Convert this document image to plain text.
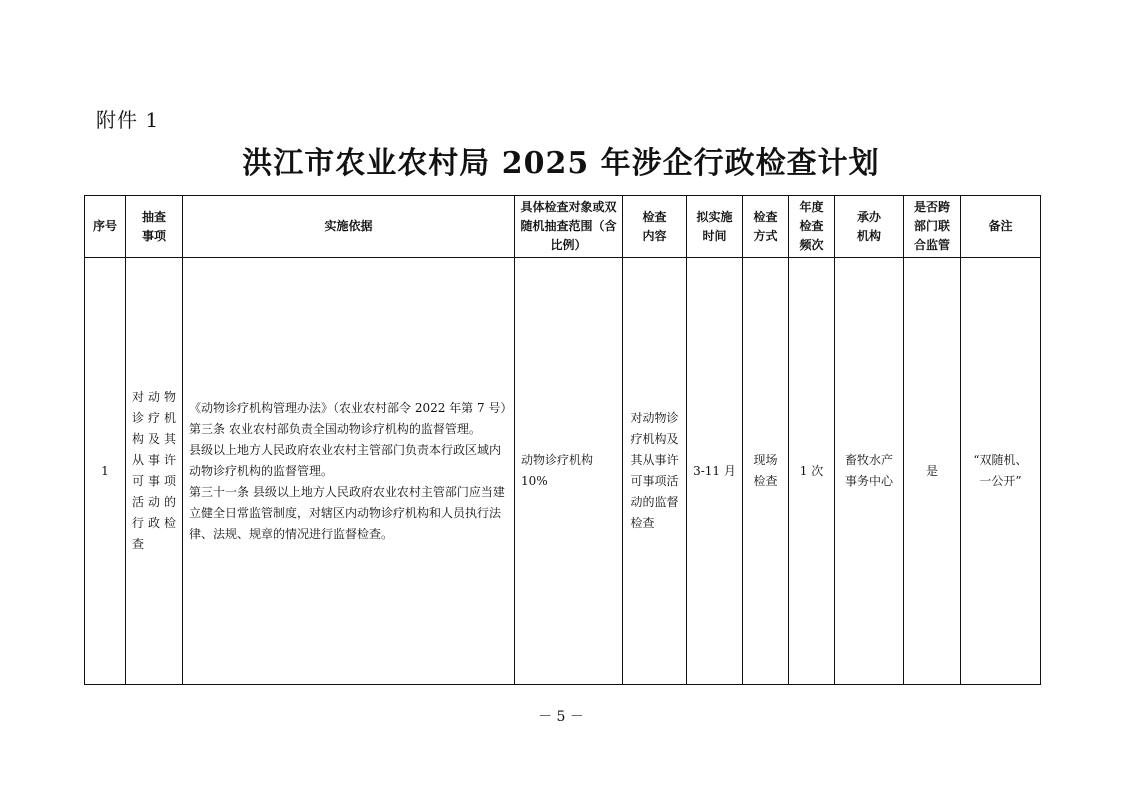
附件 1
洪江市农业农村局 2025 年涉企行政检查计划
序号	抽查事项	实施依据	具体检查对象或双随机抽查范围（含比例）	检查内容	拟实施时间	检查方式	年度检查频次	承办机构	是否跨部门联合监管	备注
1	对动物诊疗机构及其从事许可事项活动的行政检查	《动物诊疗机构管理办法》（农业农村部令 2022 年第 7 号）第三条 农业农村部负责全国动物诊疗机构的监督管理。
县级以上地方人民政府农业农村主管部门负责本行政区域内动物诊疗机构的监督管理。
第三十一条 县级以上地方人民政府农业农村主管部门应当建立健全日常监管制度，对辖区内动物诊疗机构和人员执行法律、法规、规章的情况进行监督检查。	动物诊疗机构 10%	对动物诊疗机构及其从事许可事项活动的监督检查	3-11 月	现场检查	1 次	畜牧水产事务中心	是	“双随机、一公开”
－ 5 －
